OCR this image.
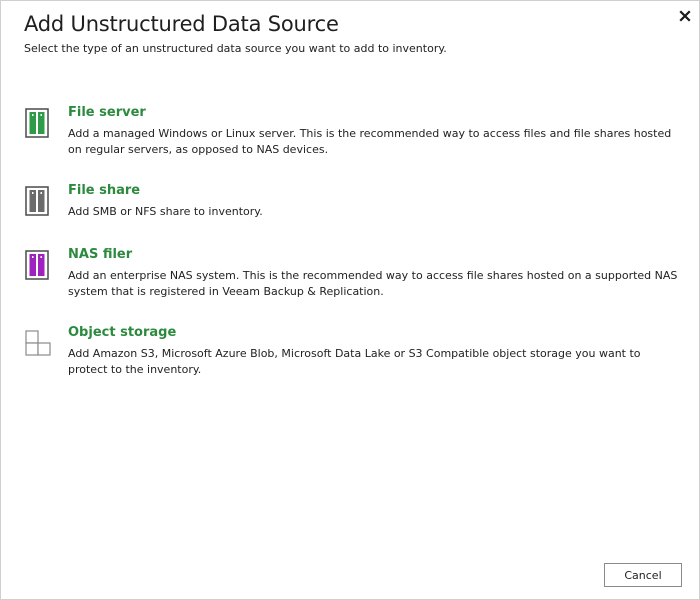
Add Unstructured Data Source
Select the type of an unstructured data source you want to add to inventory.
File server
Add a managed Windows or Linux server. This is the recommended way to access files and file shares hosted on regular servers, as opposed to NAS devices.
File share
Add SMB or NFS share to inventory.
NAS filer
Add an enterprise NAS system. This is the recommended way to access file shares hosted on a supported NAS system that is registered in Veeam Backup & Replication.
Object storage
Add Amazon S3, Microsoft Azure Blob, Microsoft Data Lake or S3 Compatible object storage you want to protect to the inventory.
Cancel
